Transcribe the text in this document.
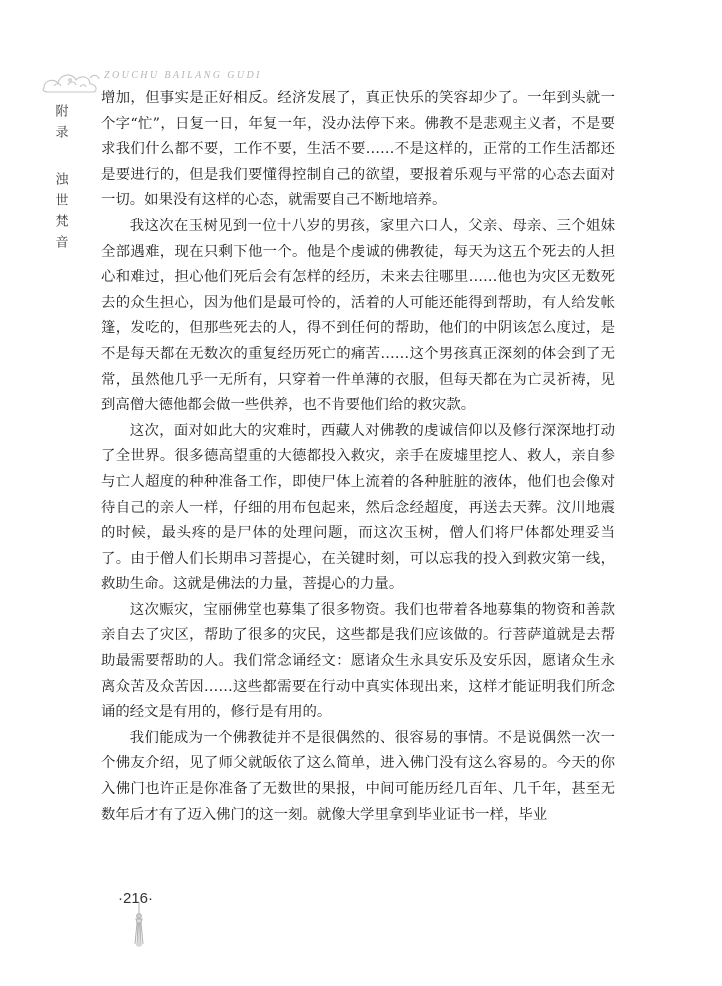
ZOUCHU BAILANG GUDI
附录
浊世梵音

增加，但事实是正好相反。经济发展了，真正快乐的笑容却少了。一年到头就一个字“忙”，日复一日，年复一年，没办法停下来。佛教不是悲观主义者，不是要求我们什么都不要，工作不要，生活不要……不是这样的，正常的工作生活都还是要进行的，但是我们要懂得控制自己的欲望，要报着乐观与平常的心态去面对一切。如果没有这样的心态，就需要自己不断地培养。

我这次在玉树见到一位十八岁的男孩，家里六口人，父亲、母亲、三个姐妹全部遇难，现在只剩下他一个。他是个虔诚的佛教徒，每天为这五个死去的人担心和难过，担心他们死后会有怎样的经历，未来去往哪里……他也为灾区无数死去的众生担心，因为他们是最可怜的，活着的人可能还能得到帮助，有人给发帐篷，发吃的，但那些死去的人，得不到任何的帮助，他们的中阴该怎么度过，是不是每天都在无数次的重复经历死亡的痛苦……这个男孩真正深刻的体会到了无常，虽然他几乎一无所有，只穿着一件单薄的衣服，但每天都在为亡灵祈祷，见到高僧大德他都会做一些供养，也不肯要他们给的救灾款。

这次，面对如此大的灾难时，西藏人对佛教的虔诚信仰以及修行深深地打动了全世界。很多德高望重的大德都投入救灾，亲手在废墟里挖人、救人，亲自参与亡人超度的种种准备工作，即使尸体上流着的各种脏脏的液体，他们也会像对待自己的亲人一样，仔细的用布包起来，然后念经超度，再送去天葬。汶川地震的时候，最头疼的是尸体的处理问题，而这次玉树，僧人们将尸体都处理妥当了。由于僧人们长期串习菩提心，在关键时刻，可以忘我的投入到救灾第一线，救助生命。这就是佛法的力量，菩提心的力量。

这次赈灾，宝丽佛堂也募集了很多物资。我们也带着各地募集的物资和善款亲自去了灾区，帮助了很多的灾民，这些都是我们应该做的。行菩萨道就是去帮助最需要帮助的人。我们常念诵经文：愿诸众生永具安乐及安乐因，愿诸众生永离众苦及众苦因……这些都需要在行动中真实体现出来，这样才能证明我们所念诵的经文是有用的，修行是有用的。

我们能成为一个佛教徒并不是很偶然的、很容易的事情。不是说偶然一次一个佛友介绍，见了师父就皈依了这么简单，进入佛门没有这么容易的。今天的你入佛门也许正是你准备了无数世的果报，中间可能历经几百年、几千年，甚至无数年后才有了迈入佛门的这一刻。就像大学里拿到毕业证书一样，毕业

·216·
